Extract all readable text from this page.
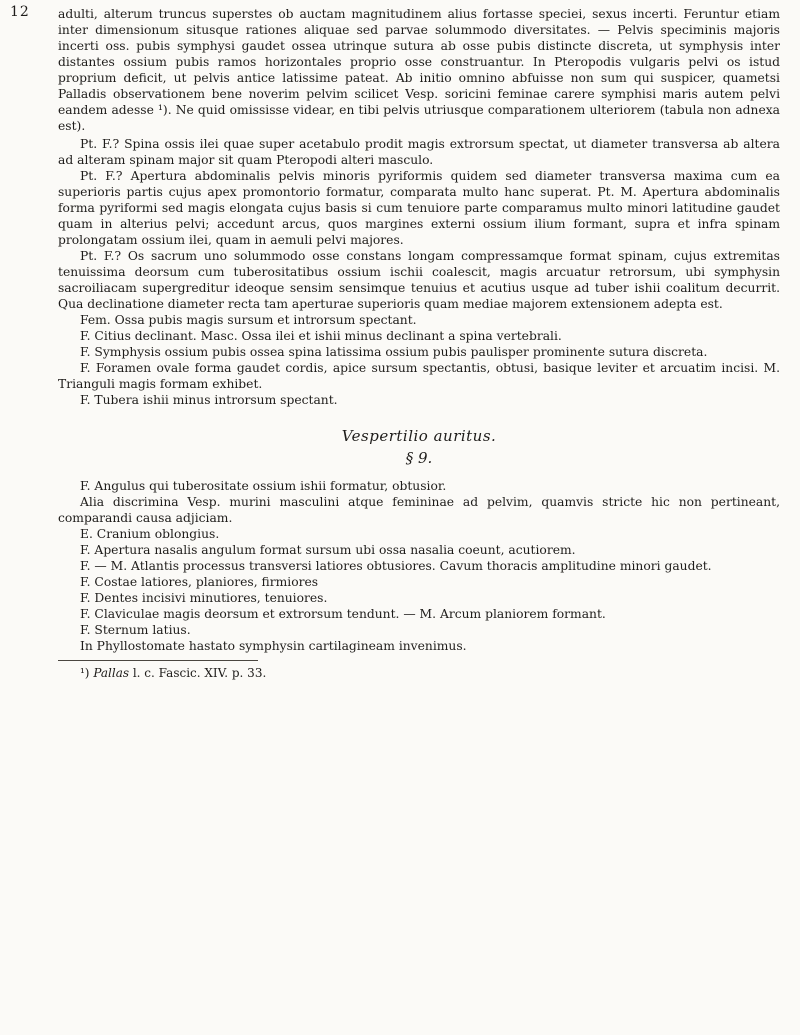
12 adulti, alterum truncus superstes ob auctam magnitudinem alius fortasse speciei, sexus incerti. Feruntur etiam inter dimensionum situsque rationes aliquae sed parvae solummodo diversitates. — Pelvis speciminis majoris incerti oss. pubis symphysi gaudet ossea utrinque sutura ab osse pubis distincte discreta, ut symphysis inter distantes ossium pubis ramos horizontales proprio osse construantur. In Pteropodis vulgaris pelvi os istud proprium deficit, ut pelvis antice latissime pateat. Ab initio omnino abfuisse non sum qui suspicer, quametsi Palladis observationem bene noverim pelvim scilicet Vesp. soricini feminae carere symphisi maris autem pelvi eandem adesse ¹). Ne quid omississe videar, en tibi pelvis utriusque comparationem ulteriorem (tabula non adnexa est).

Pt. F.? Spina ossis ilei quae super acetabulo prodit magis extrorsum spectat, ut diameter transversa ab altera ad alteram spinam major sit quam Pteropodi alteri masculo.

Pt. F.? Apertura abdominalis pelvis minoris pyriformis quidem sed diameter transversa maxima cum ea superioris partis cujus apex promontorio formatur, comparata multo hanc superat. Pt. M. Apertura abdominalis forma pyriformi sed magis elongata cujus basis si cum tenuiore parte comparamus multo minori latitudine gaudet quam in alterius pelvi; accedunt arcus, quos margines externi ossium ilium formant, supra et infra spinam prolongatam ossium ilei, quam in aemuli pelvi majores.

Pt. F.? Os sacrum uno solummodo osse constans longam compressamque format spinam, cujus extremitas tenuissima deorsum cum tuberositatibus ossium ischii coalescit, magis arcuatur retrorsum, ubi symphysin sacroiliacam supergreditur ideoque sensim sensimque tenuius et acutius usque ad tuber ishii coalitum decurrit. Qua declinatione diameter recta tam aperturae superioris quam mediae majorem extensionem adepta est.

Fem. Ossa pubis magis sursum et introrsum spectant.

F. Citius declinant. Masc. Ossa ilei et ishii minus declinant a spina vertebrali.

F. Symphysis ossium pubis ossea spina latissima ossium pubis paulisper prominente sutura discreta.

F. Foramen ovale forma gaudet cordis, apice sursum spectantis, obtusi, basique leviter et arcuatim incisi. M. Trianguli magis formam exhibet.

F. Tubera ishii minus introrsum spectant.

Vespertilio auritus.
§ 9.

F. Angulus qui tuberositate ossium ishii formatur, obtusior.

Alia discrimina Vesp. murini masculini atque femininae ad pelvim, quamvis stricte hic non pertineant, comparandi causa adjiciam.

E. Cranium oblongius.

F. Apertura nasalis angulum format sursum ubi ossa nasalia coeunt, acutiorem.

F. — M. Atlantis processus transversi latiores obtusiores. Cavum thoracis amplitudine minori gaudet.

F. Costae latiores, planiores, firmiores

F. Dentes incisivi minutiores, tenuiores.

F. Claviculae magis deorsum et extrorsum tendunt. — M. Arcum planiorem formant.

F. Sternum latius.

In Phyllostomate hastato symphysin cartilagineam invenimus.

¹) Pallas l. c. Fascic. XIV. p. 33.
